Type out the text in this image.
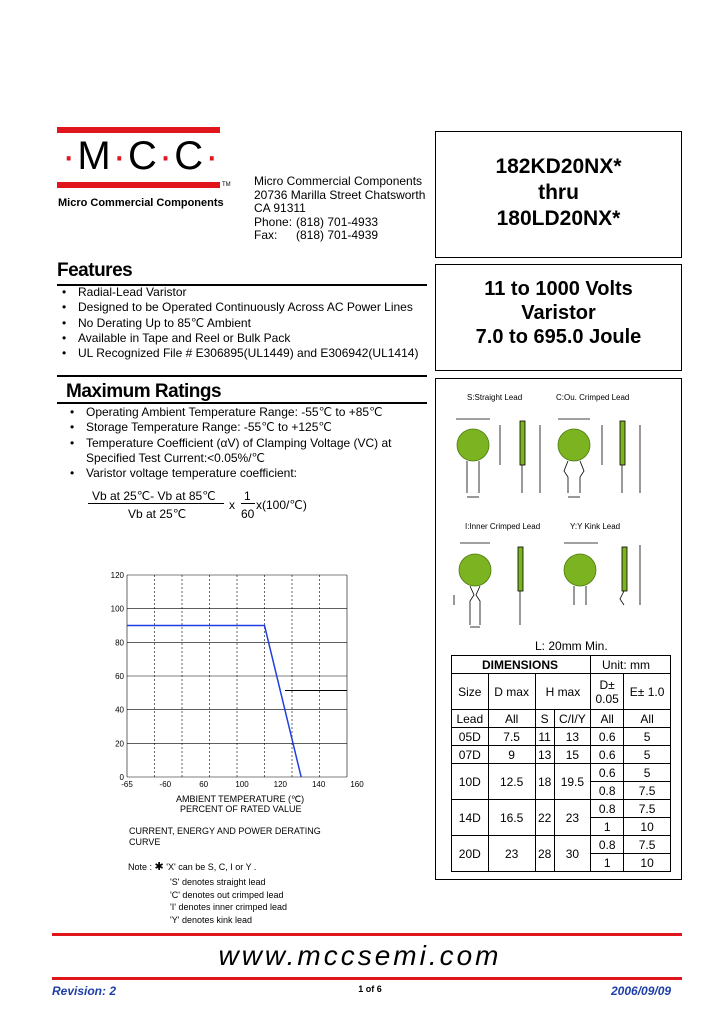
·M·C·C·
TM
Micro Commercial Components
Micro Commercial Components
20736 Marilla Street Chatsworth
CA 91311
Phone: (818) 701-4933
Fax: (818) 701-4939
182KD20NX*
thru
180LD20NX*
11 to 1000 Volts
Varistor
7.0 to 695.0 Joule
Features
• Radial-Lead Varistor
• Designed to be Operated Continuously Across AC Power Lines
• No Derating Up to 85℃ Ambient
• Available in Tape and Reel or Bulk Pack
• UL Recognized File # E306895(UL1449) and E306942(UL1414)
Maximum Ratings
• Operating Ambient Temperature Range: -55℃ to +85℃
• Storage Temperature Range: -55℃ to +125℃
• Temperature Coefficient (αV) of Clamping Voltage (VC) at Specified Test Current:<0.05%/℃
• Varistor voltage temperature coefficient:
Vb at 25℃- Vb at 85℃
Vb at 25℃
x
1
60
x(100/℃)
0
20
40
60
80
100
120
-65	-60	60	100	120	140	160
AMBIENT TEMPERATURE (℃)
PERCENT OF RATED VALUE
CURRENT, ENERGY AND POWER DERATING CURVE
Note : ✱ 'X' can be S, C, I or Y .
'S' denotes straight lead
'C' denotes out crimped lead
'I' denotes inner crimped lead
'Y' denotes kink lead
S:Straight Lead	C:Ou. Crimped Lead
I:Inner Crimped Lead	Y:Y Kink Lead
L: 20mm Min.
DIMENSIONS				Unit: mm	
Size	D max	H max		D± 0.05	E± 1.0
Lead	All	S	C/I/Y	All	All
05D	7.5	11	13	0.6	5
07D	9	13	15	0.6	5
10D	12.5	18	19.5	0.6	5
				0.8	7.5
14D	16.5	22	23	0.8	7.5
				1	10
20D	23	28	30	0.8	7.5
				1	10
www.mccsemi.com
Revision: 2	1 of 6	2006/09/09
